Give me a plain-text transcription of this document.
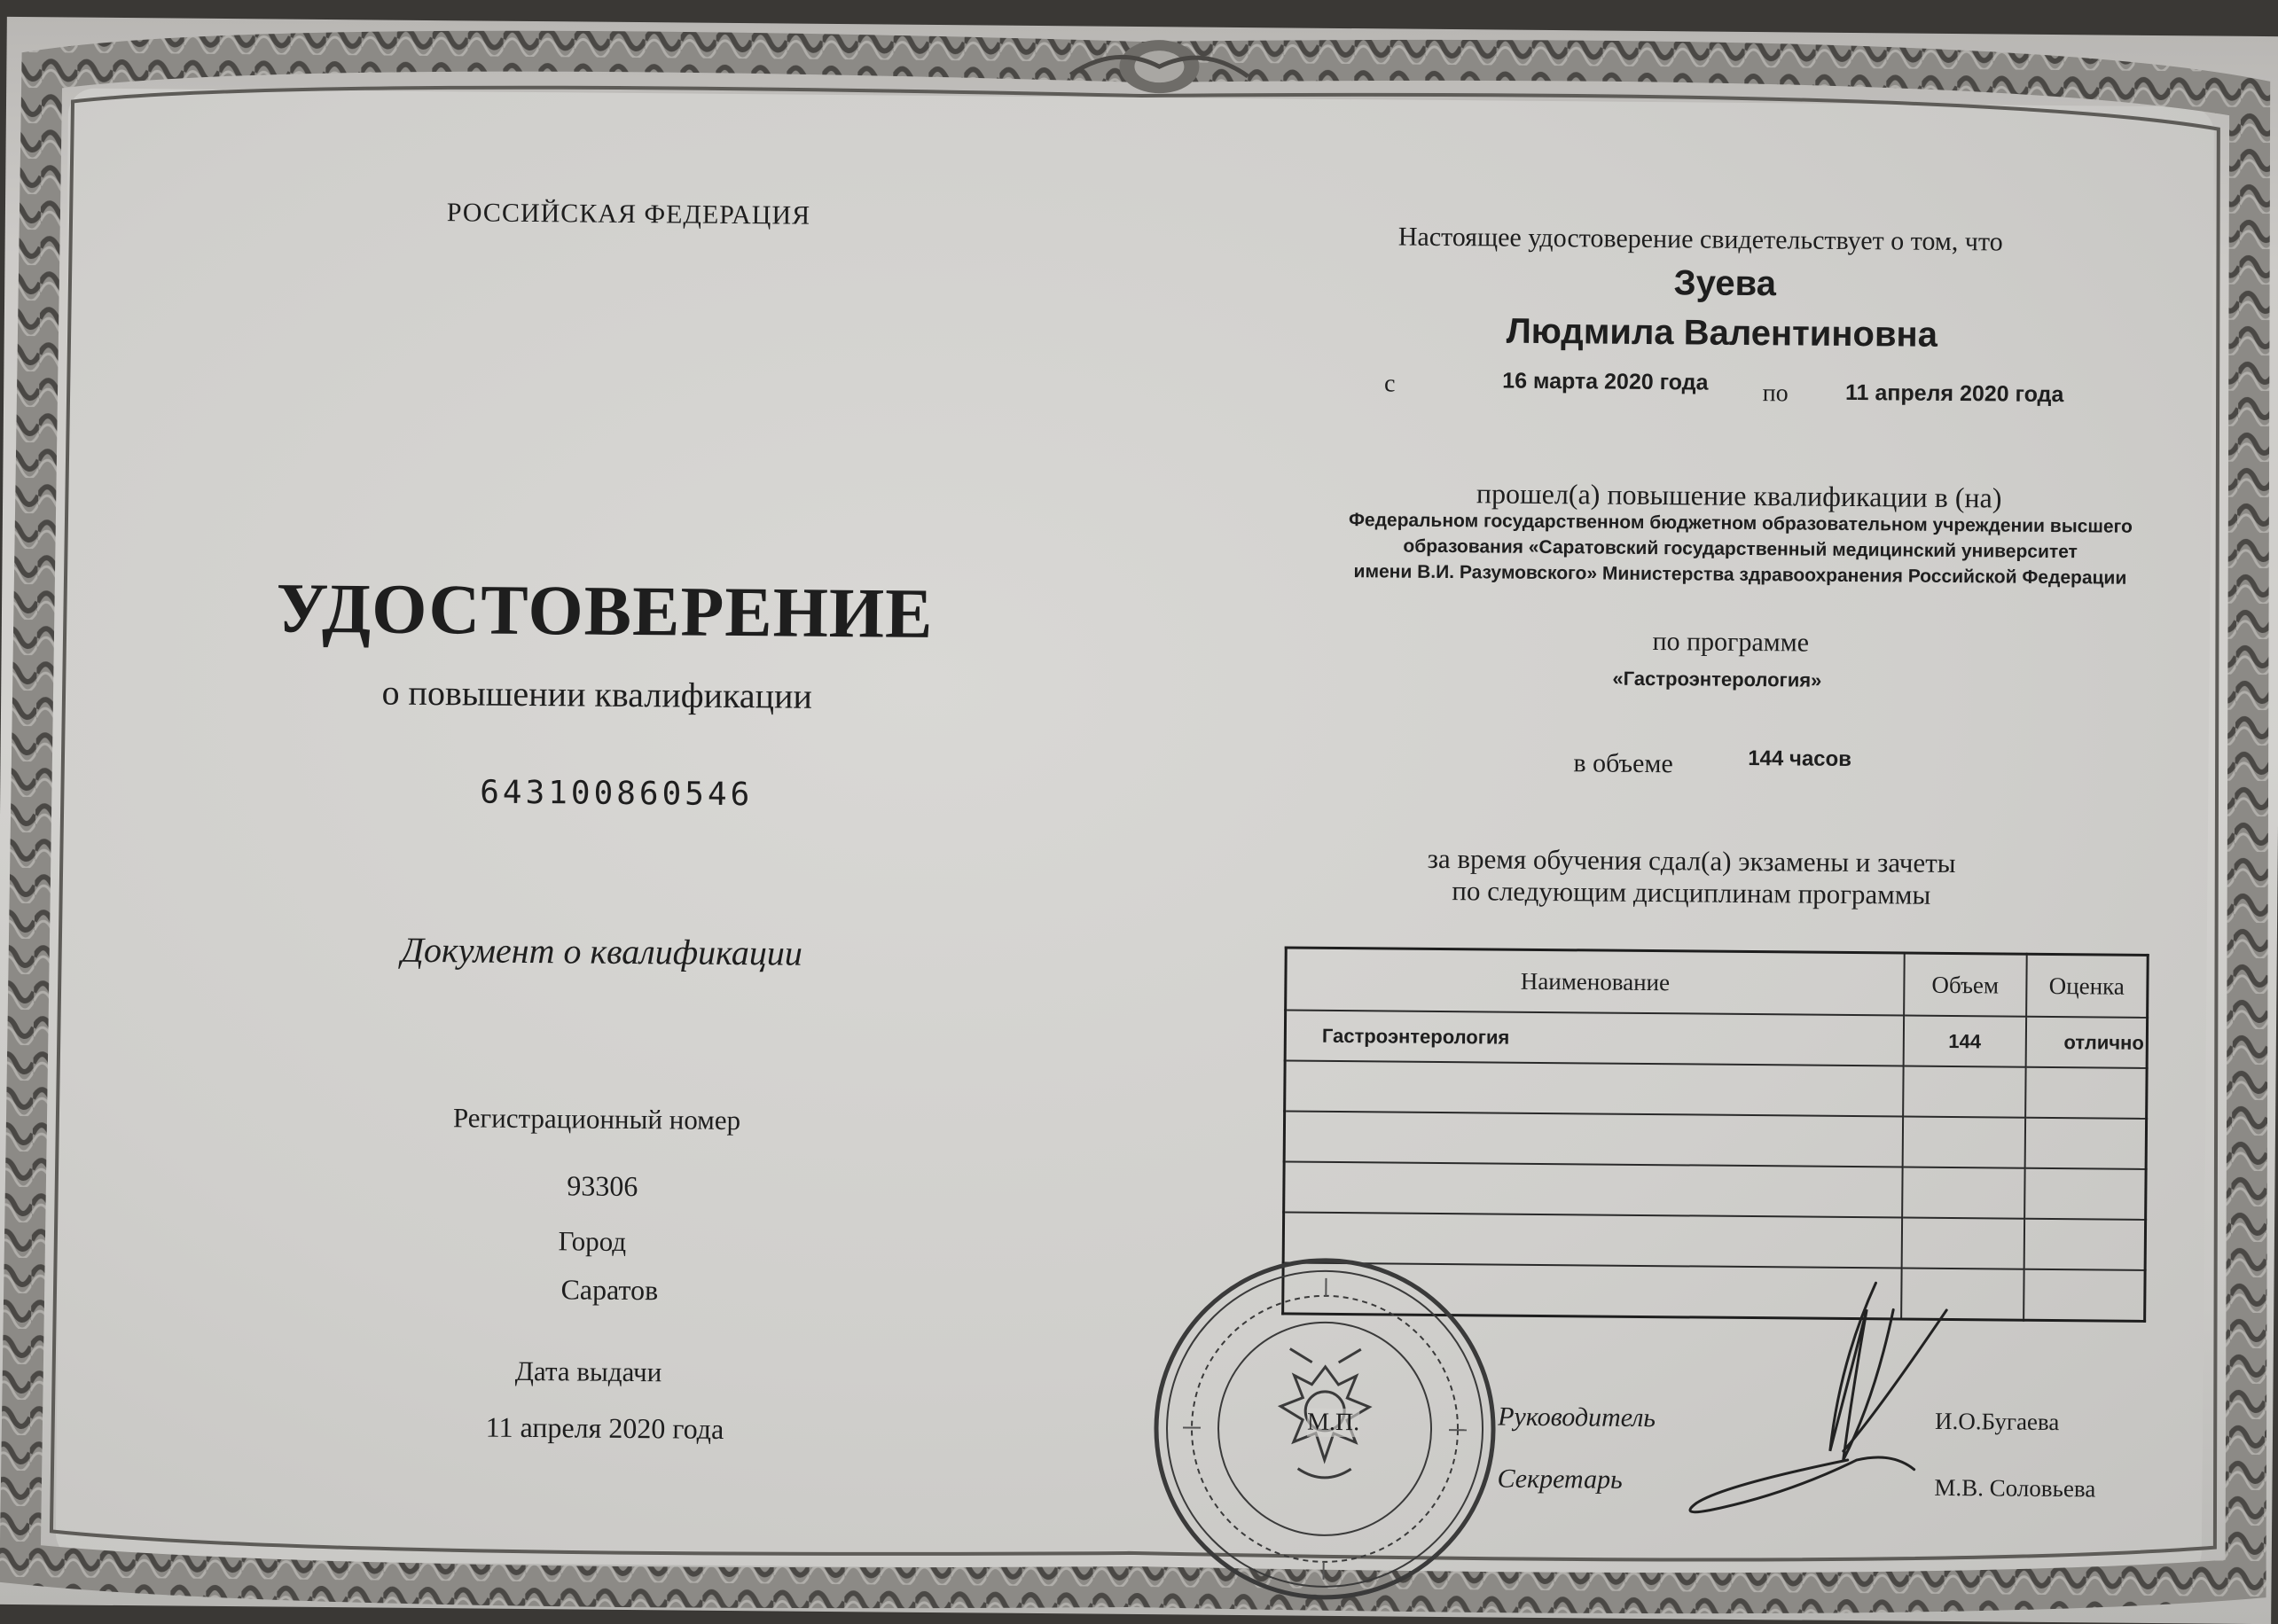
РОССИЙСКАЯ ФЕДЕРАЦИЯ
УДОСТОВЕРЕНИЕ
о повышении квалификации
643100860546
Документ о квалификации
Регистрационный номер
93306
Город
Саратов
Дата выдачи
11 апреля 2020 года
Настоящее удостоверение свидетельствует о том, что
Зуева
Людмила Валентиновна
с	16 марта 2020 года по	11 апреля 2020 года
прошел(а) повышение квалификации в (на)
Федеральном государственном бюджетном образовательном учреждении высшего
образования «Саратовский государственный медицинский университет
имени В.И. Разумовского» Министерства здравоохранения Российской Федерации
по программе
«Гастроэнтерология»
в объеме	144 часов
за время обучения сдал(а) экзамены и зачеты
по следующим дисциплинам программы
Наименование	Объем	Оценка
Гастроэнтерология	144	отлично

М.П.	Руководитель	И.О.Бугаева
Секретарь	М.В. Соловьева
